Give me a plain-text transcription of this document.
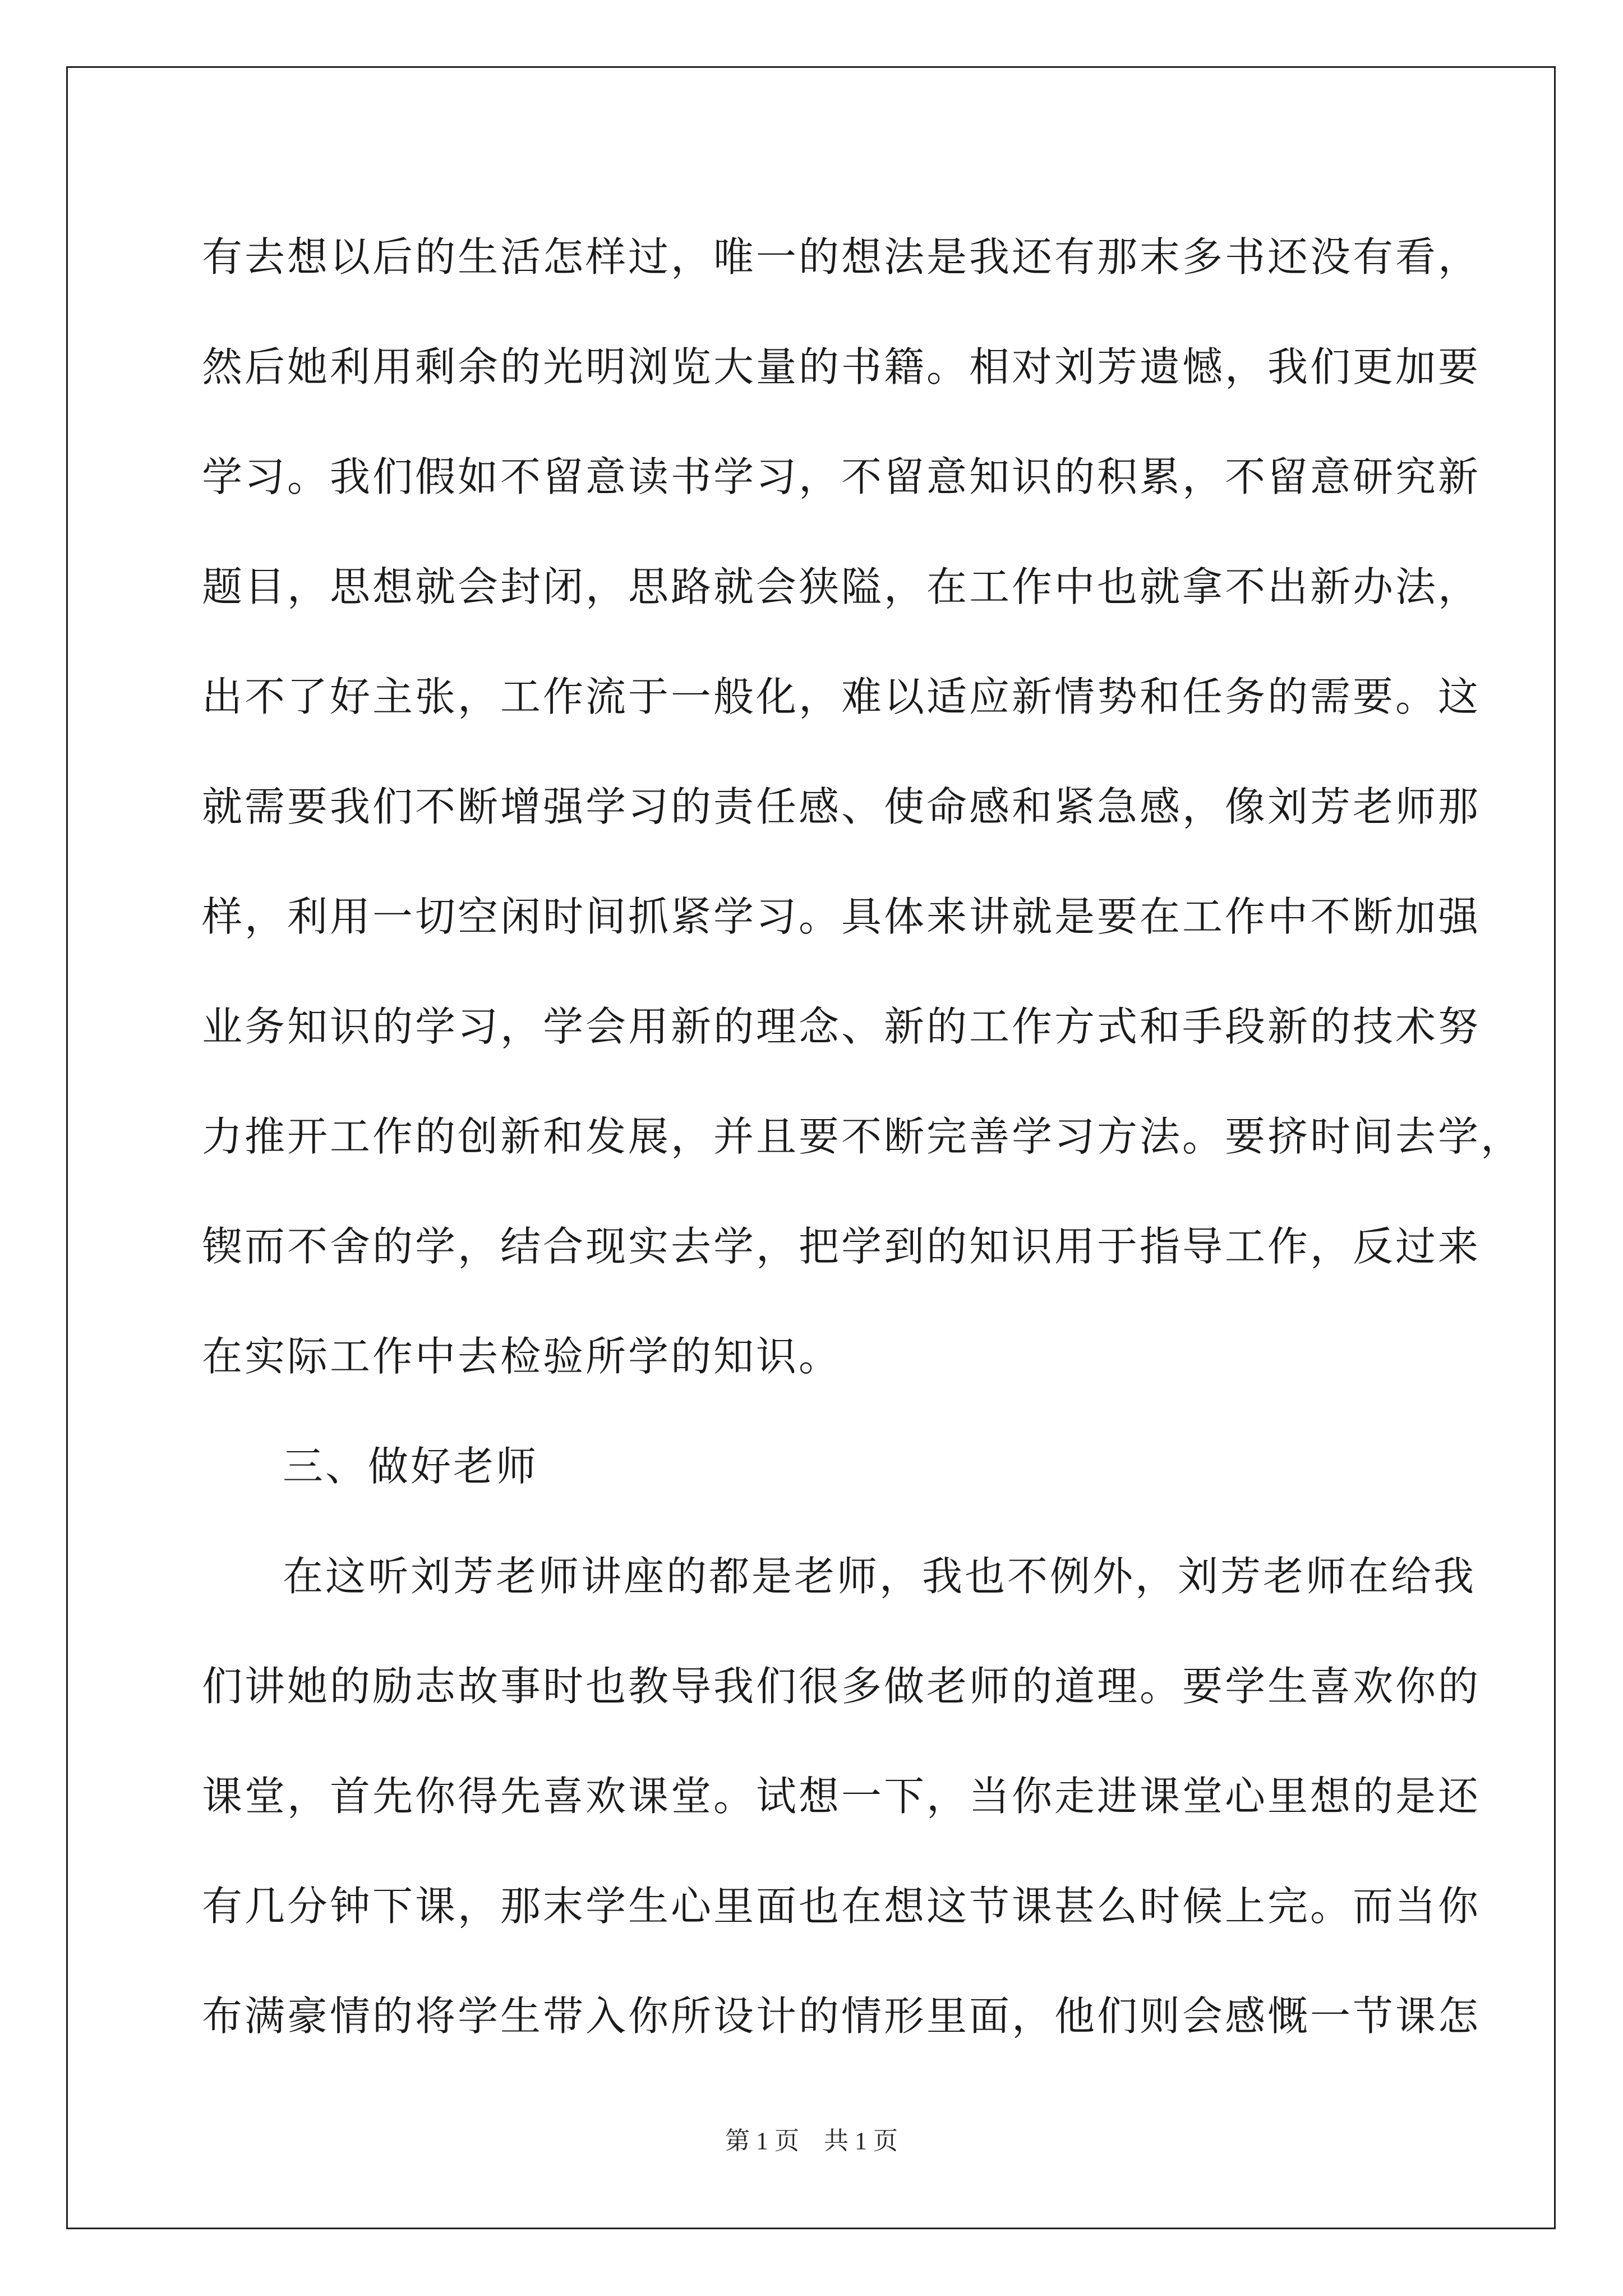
有去想以后的生活怎样过，唯一的想法是我还有那末多书还没有看，
然后她利用剩余的光明浏览大量的书籍。相对刘芳遗憾，我们更加要
学习。我们假如不留意读书学习，不留意知识的积累，不留意研究新
题目，思想就会封闭，思路就会狭隘，在工作中也就拿不出新办法，
出不了好主张，工作流于一般化，难以适应新情势和任务的需要。这
就需要我们不断增强学习的责任感、使命感和紧急感，像刘芳老师那
样，利用一切空闲时间抓紧学习。具体来讲就是要在工作中不断加强
业务知识的学习，学会用新的理念、新的工作方式和手段新的技术努
力推开工作的创新和发展，并且要不断完善学习方法。要挤时间去学，
锲而不舍的学，结合现实去学，把学到的知识用于指导工作，反过来
在实际工作中去检验所学的知识。
三、做好老师
在这听刘芳老师讲座的都是老师，我也不例外，刘芳老师在给我
们讲她的励志故事时也教导我们很多做老师的道理。要学生喜欢你的
课堂，首先你得先喜欢课堂。试想一下，当你走进课堂心里想的是还
有几分钟下课，那末学生心里面也在想这节课甚么时候上完。而当你
布满豪情的将学生带入你所设计的情形里面，他们则会感慨一节课怎
第 1 页    共 1 页
